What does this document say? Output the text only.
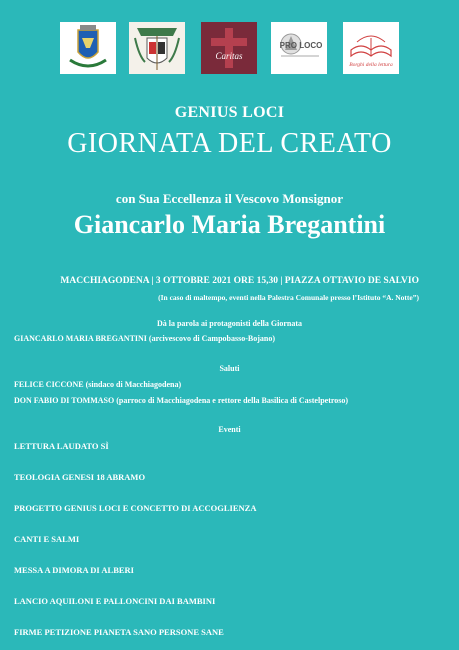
Caritas
PRO LOCO
Borghi della lettura
GENIUS LOCI
GIORNATA DEL CREATO
con Sua Eccellenza il Vescovo Monsignor
Giancarlo Maria Bregantini
MACCHIAGODENA | 3 OTTOBRE 2021 ORE 15,30 | PIAZZA OTTAVIO DE SALVIO
(In caso di maltempo, eventi nella Palestra Comunale presso l’Istituto “A. Notte”)
Dà la parola ai protagonisti della Giornata
GIANCARLO MARIA BREGANTINI (arcivescovo di Campobasso-Bojano)
Saluti
FELICE CICCONE (sindaco di Macchiagodena)
DON FABIO DI TOMMASO (parroco di Macchiagodena e rettore della Basilica di Castelpetroso)
Eventi
LETTURA LAUDATO SÌ
TEOLOGIA GENESI 18 ABRAMO
PROGETTO GENIUS LOCI E CONCETTO DI ACCOGLIENZA
CANTI E SALMI
MESSA A DIMORA DI ALBERI
LANCIO AQUILONI E PALLONCINI DAI BAMBINI
FIRME PETIZIONE PIANETA SANO PERSONE SANE
